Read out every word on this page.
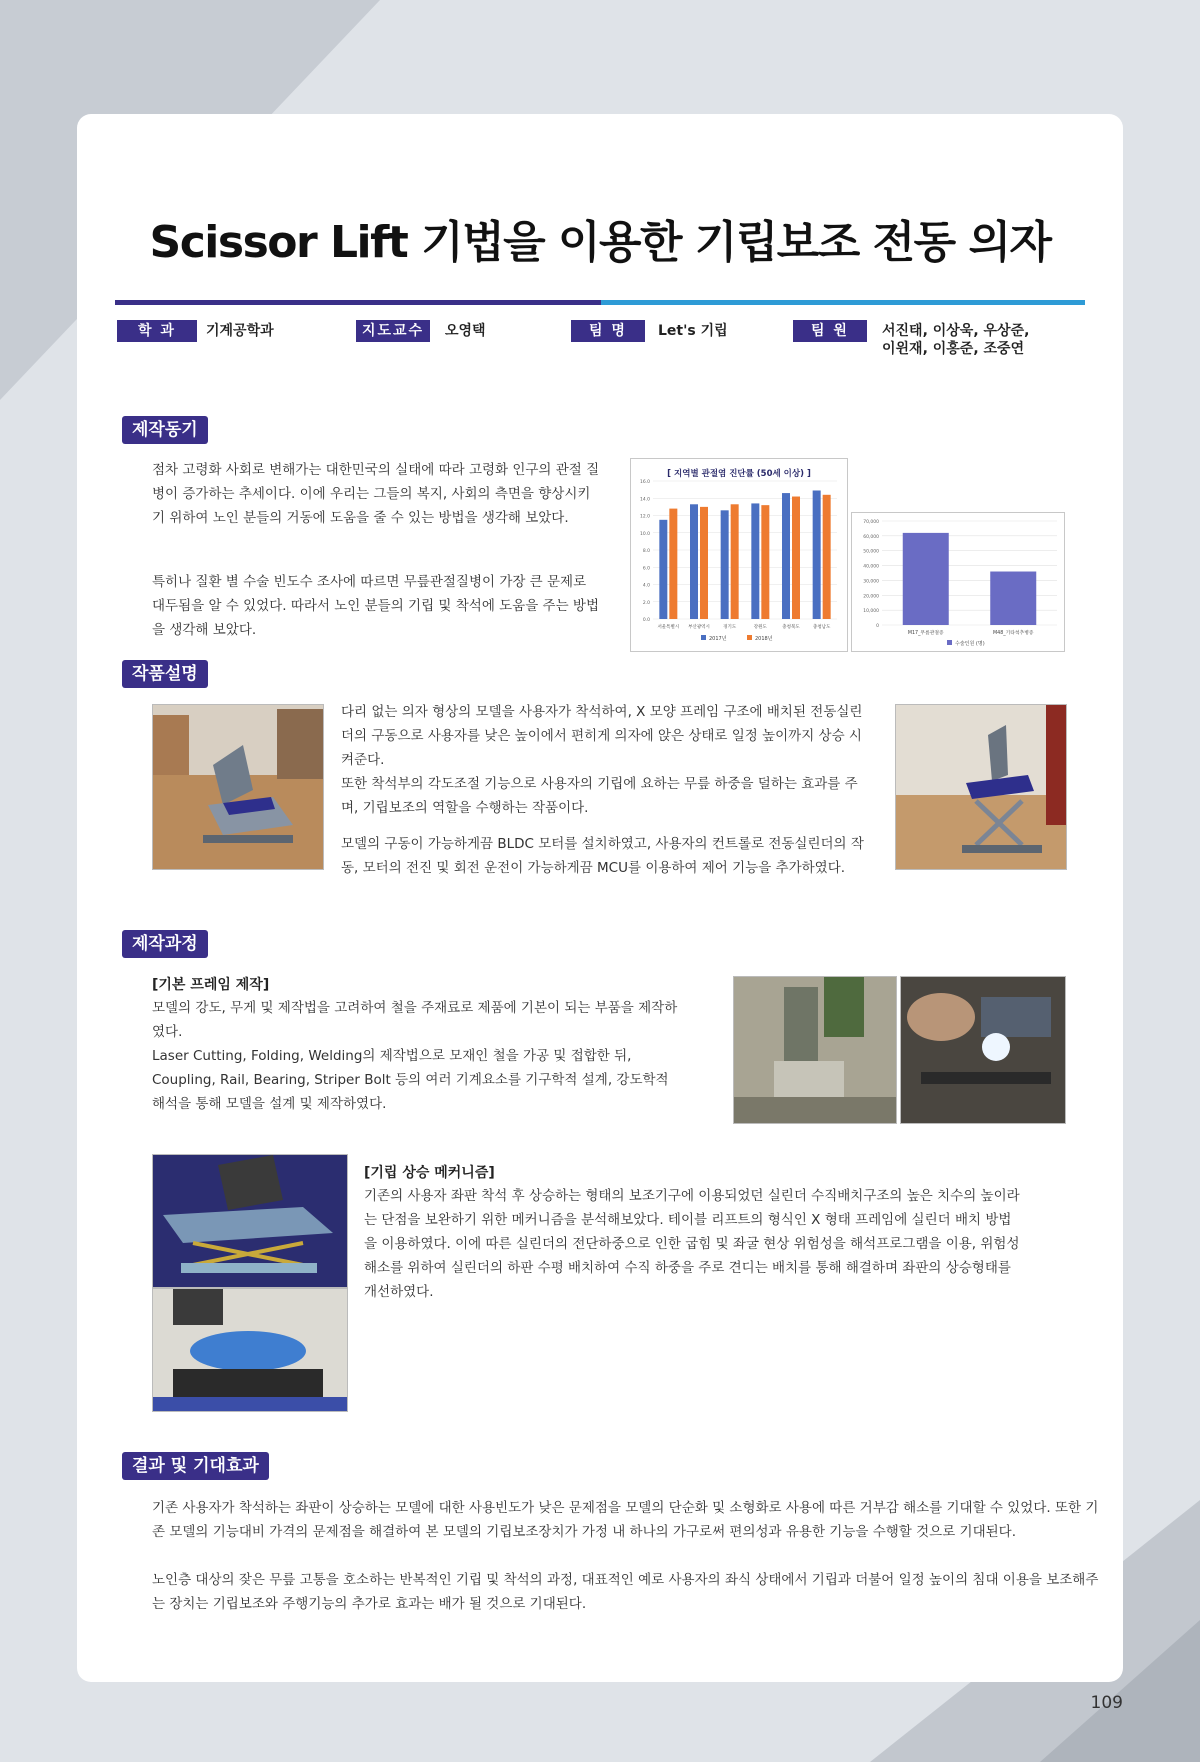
Scissor Lift 기법을 이용한 기립보조 전동 의자
학 과	기계공학과	지도교수	오영택	팀 명	Let's 기립	팀 원	서진태, 이상욱, 우상준,
이윈재, 이홍준, 조중연
제작동기

점차 고령화 사회로 변해가는 대한민국의 실태에 따라 고령화 인구의 관절 질병이 증가하는 추세이다. 이에 우리는 그들의 복지, 사회의 측면을 향상시키기 위하여 노인 분들의 거동에 도움을 줄 수 있는 방법을 생각해 보았다.

특히나 질환 별 수술 빈도수 조사에 따르면 무릎관절질병이 가장 큰 문제로 대두됨을 알 수 있었다. 따라서 노인 분들의 기립 및 착석에 도움을 주는 방법을 생각해 보았다.

[ 지역별 관절염 진단률 (50세 이상) ]
0.0
2.0
4.0
6.0
8.0
10.0
12.0
14.0
16.0
서울특별시 부산광역시	경기도	강원도	충청북도	충청남도
2017년	2018년
0
10,000
20,000
30,000
40,000
50,000
60,000
70,000
M17_무릎관절증	M48_기타척추병증
수술인원 (명)
작품설명

다리 없는 의자 형상의 모델을 사용자가 착석하여, X 모양 프레임 구조에 배치된 전동실린더의 구동으로 사용자를 낮은 높이에서 편히게 의자에 앉은 상태로 일정 높이까지 상승 시켜준다.

또한 착석부의 각도조절 기능으로 사용자의 기립에 요하는 무릎 하중을 덜하는 효과를 주며, 기립보조의 역할을 수행하는 작품이다.

모델의 구동이 가능하게끔 BLDC 모터를 설치하였고, 사용자의 컨트롤로 전동실린더의 작동, 모터의 전진 및 회전 운전이 가능하게끔 MCU를 이용하여 제어 기능을 추가하였다.

제작과정
[기본 프레임 제작]

모델의 강도, 무게 및 제작법을 고려하여 철을 주재료로 제품에 기본이 되는 부품을 제작하였다.

Laser Cutting, Folding, Welding의 제작법으로 모재인 철을 가공 및 접합한 뒤, Coupling, Rail, Bearing, Striper Bolt 등의 여러 기계요소를 기구학적 설계, 강도학적 해석을 통해 모델을 설계 및 제작하였다.

[기립 상승 메커니즘]

기존의 사용자 좌판 착석 후 상승하는 형태의 보조기구에 이용되었던 실린더 수직배치구조의 높은 치수의 높이라는 단점을 보완하기 위한 메커니즘을 분석해보았다. 테이블 리프트의 형식인 X 형태 프레임에 실린더 배치 방법을 이용하였다. 이에 따른 실린더의 전단하중으로 인한 굽힘 및 좌굴 현상 위험성을 해석프로그램을 이용, 위험성 해소를 위하여 실린더의 하판 수평 배치하여 수직 하중을 주로 견디는 배치를 통해 해결하며 좌판의 상승형태를 개선하였다.

결과 및 기대효과

기존 사용자가 착석하는 좌판이 상승하는 모델에 대한 사용빈도가 낮은 문제점을 모델의 단순화 및 소형화로 사용에 따른 거부감 해소를 기대할 수 있었다. 또한 기존 모델의 기능대비 가격의 문제점을 해결하여 본 모델의 기립보조장치가 가정 내 하나의 가구로써 편의성과 유용한 기능을 수행할 것으로 기대된다.

노인층 대상의 잦은 무릎 고통을 호소하는 반복적인 기립 및 착석의 과정, 대표적인 예로 사용자의 좌식 상태에서 기립과 더불어 일정 높이의 침대 이용을 보조해주는 장치는 기립보조와 주행기능의 추가로 효과는 배가 될 것으로 기대된다.

109
